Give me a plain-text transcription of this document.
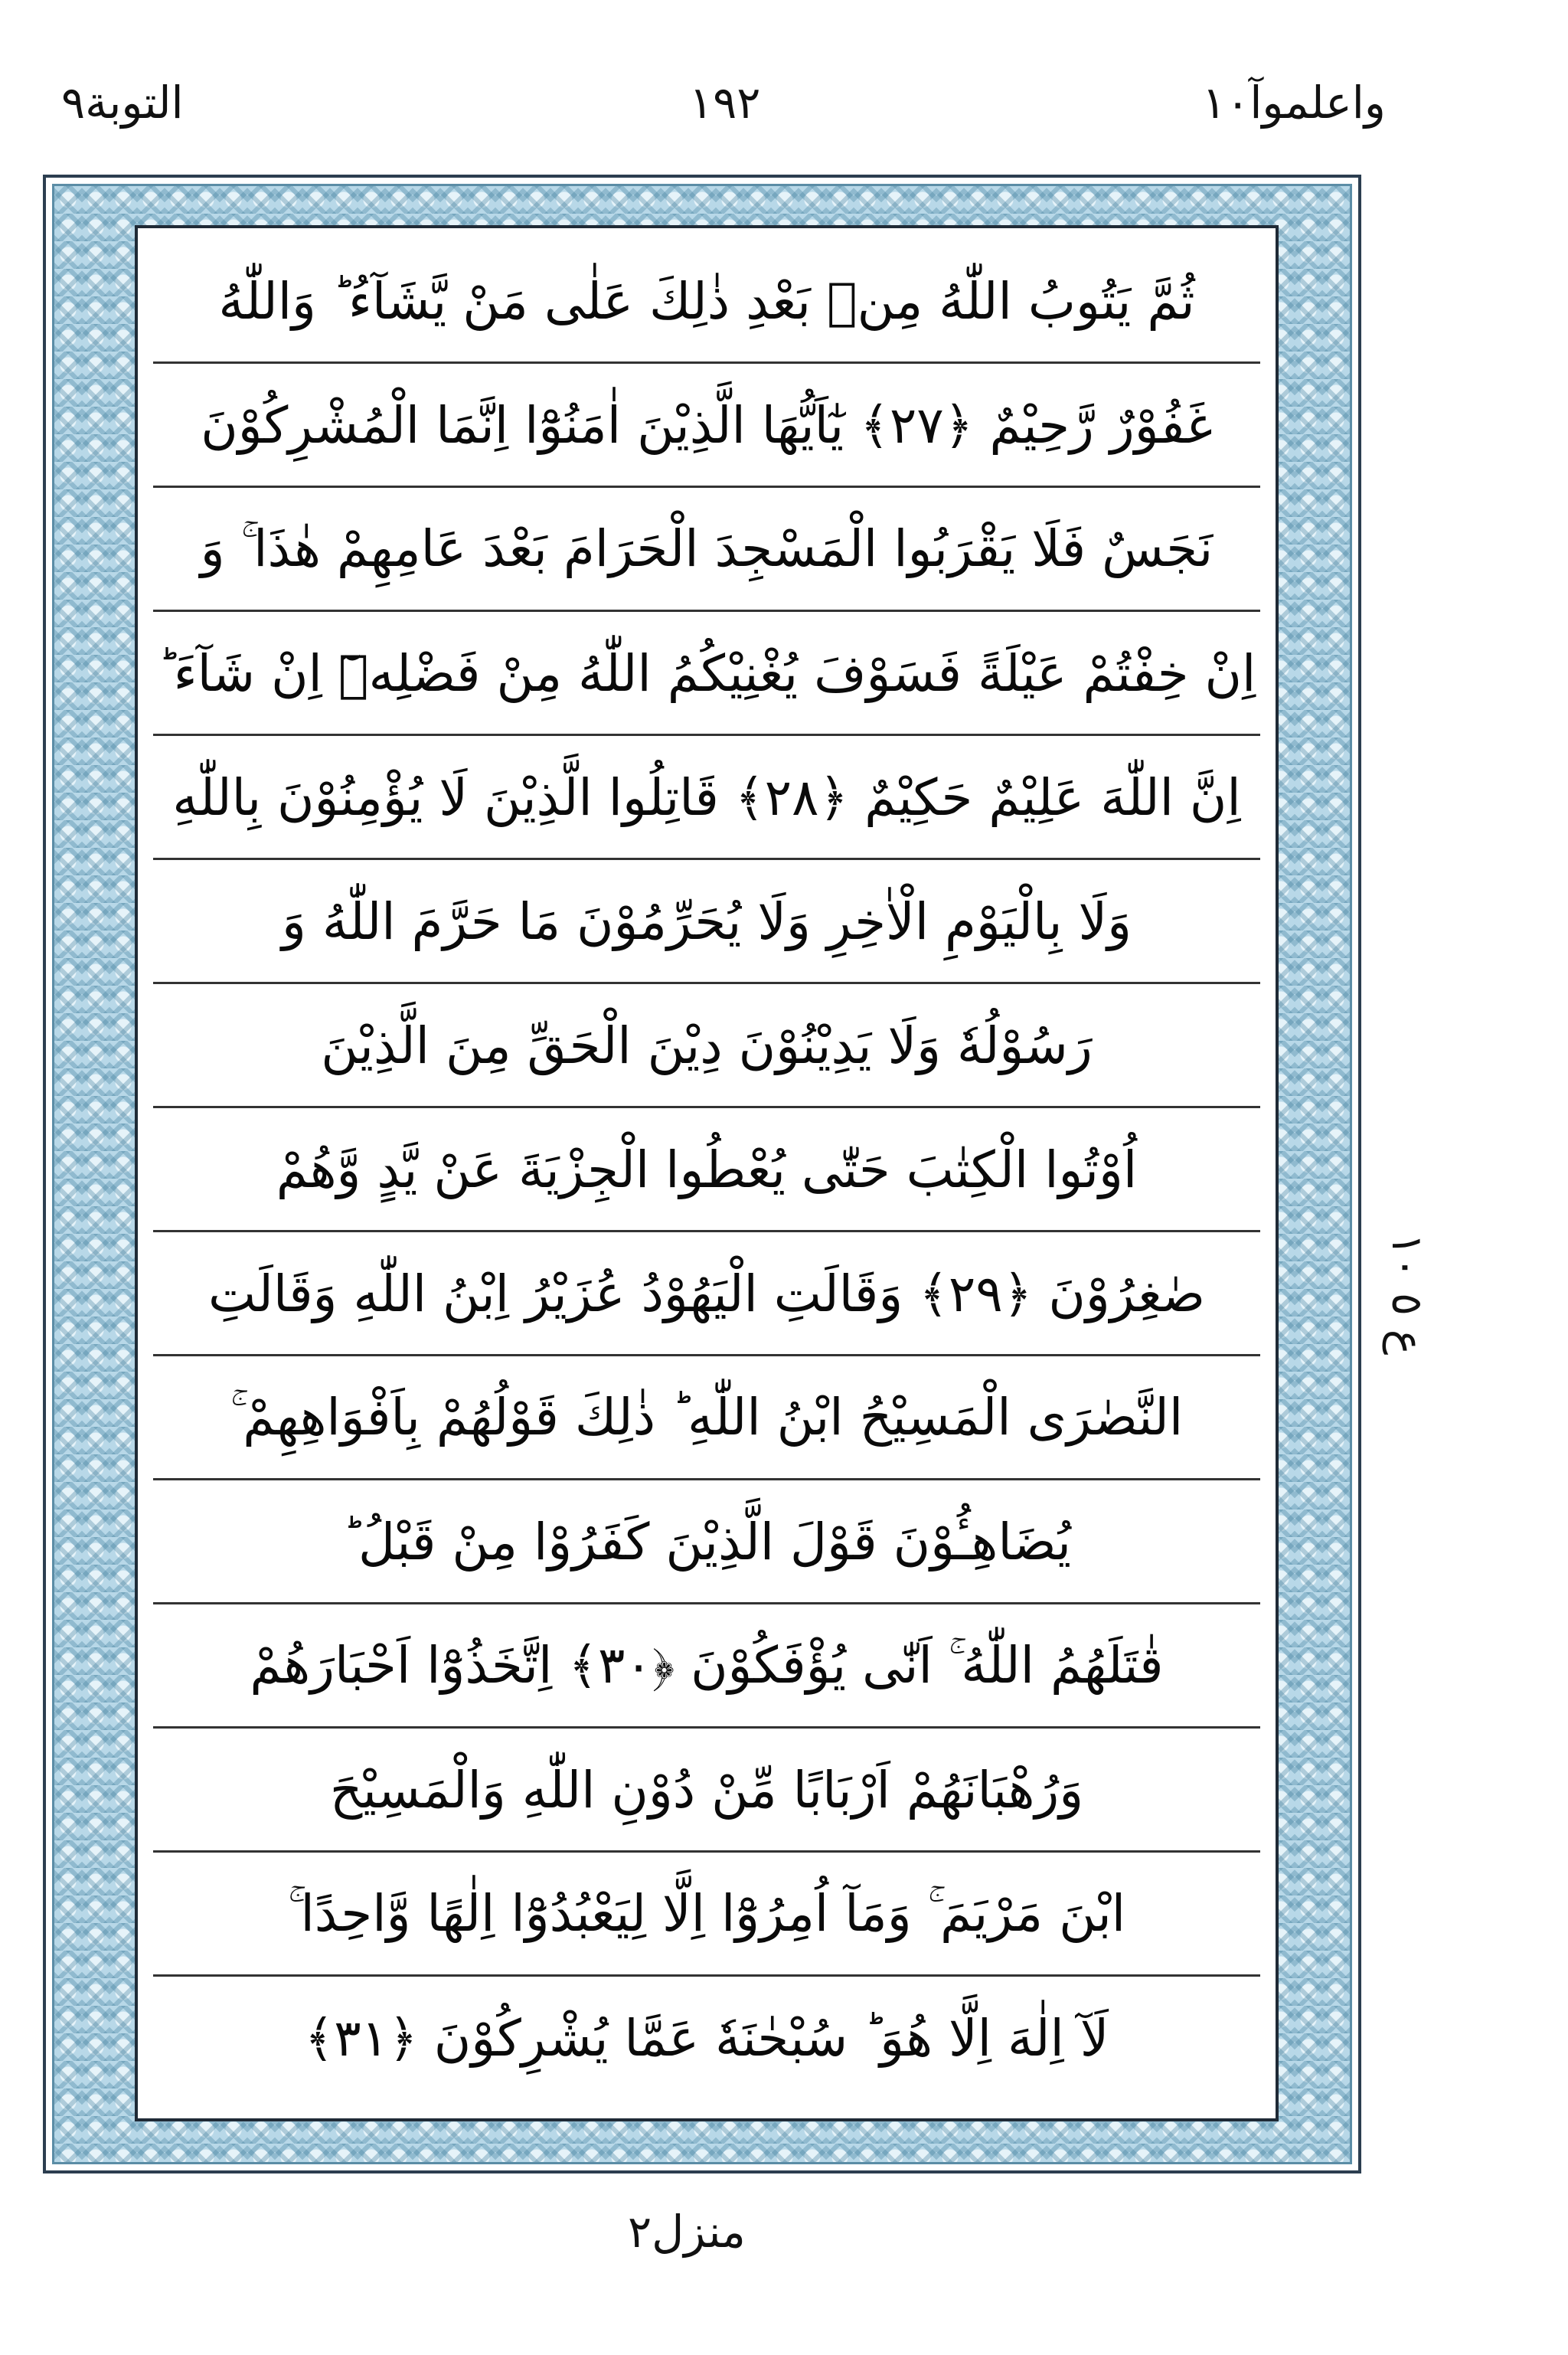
واعلموآ١٠
١٩٢
التوبة٩
ثُمَّ يَتُوبُ اللّٰهُ مِنۢ بَعْدِ ذٰلِكَ عَلٰى مَنْ يَّشَآءُ ؕ وَاللّٰهُ
غَفُوْرٌ رَّحِيْمٌ ﴿٢٧﴾ يٰٓاَيُّهَا الَّذِيْنَ اٰمَنُوْٓا اِنَّمَا الْمُشْرِكُوْنَ
نَجَسٌ فَلَا يَقْرَبُوا الْمَسْجِدَ الْحَرَامَ بَعْدَ عَامِهِمْ هٰذَا ۚ وَ
اِنْ خِفْتُمْ عَيْلَةً فَسَوْفَ يُغْنِيْكُمُ اللّٰهُ مِنْ فَضْلِهٖٓ اِنْ شَآءَ ؕ
اِنَّ اللّٰهَ عَلِيْمٌ حَكِيْمٌ ﴿٢٨﴾ قَاتِلُوا الَّذِيْنَ لَا يُؤْمِنُوْنَ بِاللّٰهِ
وَلَا بِالْيَوْمِ الْاٰخِرِ وَلَا يُحَرِّمُوْنَ مَا حَرَّمَ اللّٰهُ وَ
رَسُوْلُهٗ وَلَا يَدِيْنُوْنَ دِيْنَ الْحَقِّ مِنَ الَّذِيْنَ
اُوْتُوا الْكِتٰبَ حَتّٰى يُعْطُوا الْجِزْيَةَ عَنْ يَّدٍ وَّهُمْ
صٰغِرُوْنَ ﴿٢٩﴾ وَقَالَتِ الْيَهُوْدُ عُزَيْرُ اِبْنُ اللّٰهِ وَقَالَتِ
النَّصٰرَى الْمَسِيْحُ ابْنُ اللّٰهِ ؕ ذٰلِكَ قَوْلُهُمْ بِاَفْوَاهِهِمْ ۚ
يُضَاهِـُٔوْنَ قَوْلَ الَّذِيْنَ كَفَرُوْا مِنْ قَبْلُ ؕ
قٰتَلَهُمُ اللّٰهُ ۚ اَنّٰى يُؤْفَكُوْنَ ﴿٣٠﴾ اِتَّخَذُوْٓا اَحْبَارَهُمْ
وَرُهْبَانَهُمْ اَرْبَابًا مِّنْ دُوْنِ اللّٰهِ وَالْمَسِيْحَ
ابْنَ مَرْيَمَ ۚ وَمَآ اُمِرُوْٓا اِلَّا لِيَعْبُدُوْٓا اِلٰهًا وَّاحِدًا ۚ
لَآ اِلٰهَ اِلَّا هُوَ ؕ سُبْحٰنَهٗ عَمَّا يُشْرِكُوْنَ ﴿٣١﴾
ع ٥ ١٠
منزل٢
